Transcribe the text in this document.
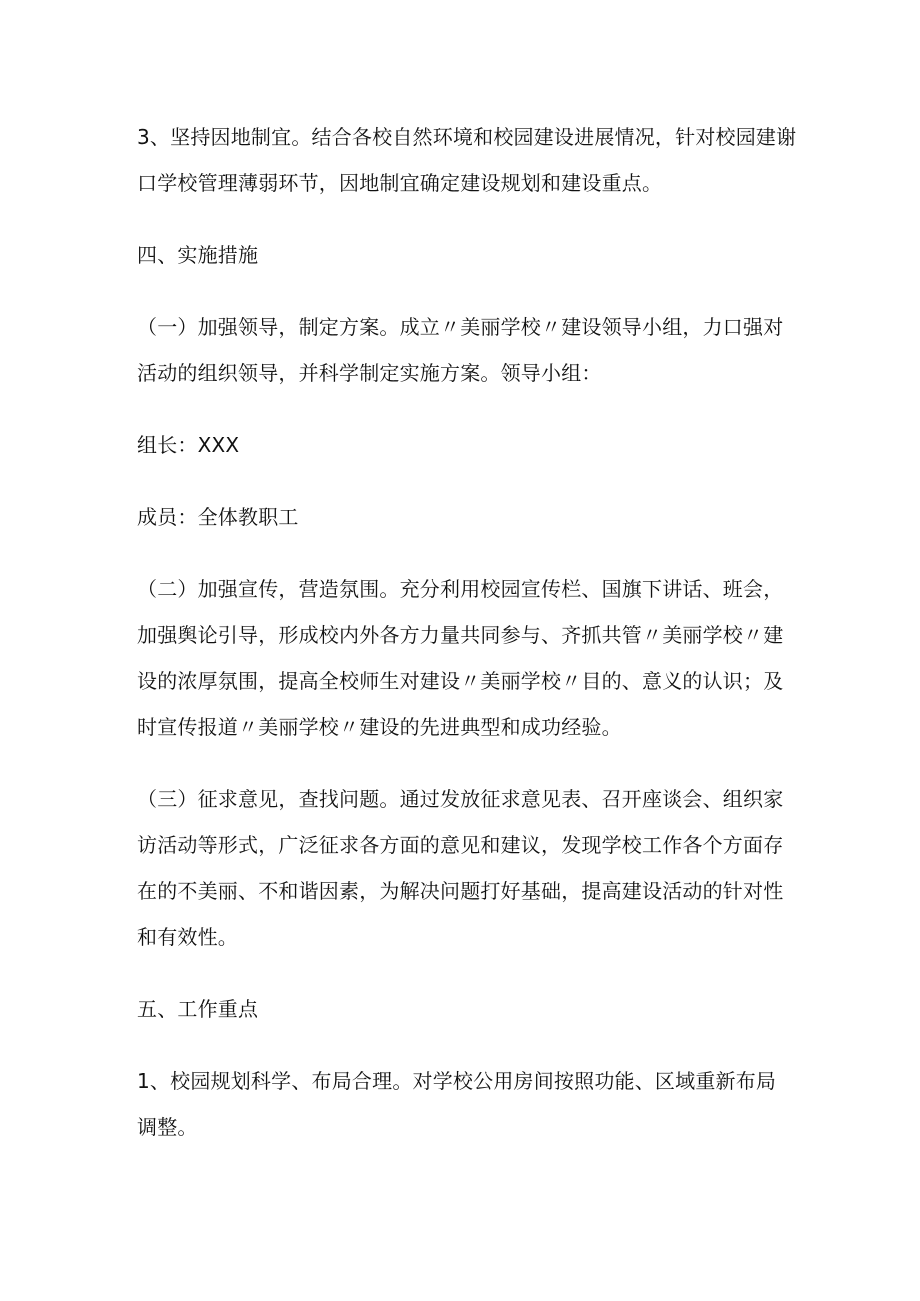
3、坚持因地制宜。结合各校自然环境和校园建设进展情况，针对校园建谢
口学校管理薄弱环节，因地制宜确定建设规划和建设重点。

四、实施措施

（一）加强领导，制定方案。成立〃美丽学校〃建设领导小组，力口强对
活动的组织领导，并科学制定实施方案。领导小组：

组长：XXX

成员：全体教职工

（二）加强宣传，营造氛围。充分利用校园宣传栏、国旗下讲话、班会，
加强舆论引导，形成校内外各方力量共同参与、齐抓共管〃美丽学校〃建
设的浓厚氛围，提高全校师生对建设〃美丽学校〃目的、意义的认识；及
时宣传报道〃美丽学校〃建设的先进典型和成功经验。

（三）征求意见，查找问题。通过发放征求意见表、召开座谈会、组织家
访活动等形式，广泛征求各方面的意见和建议，发现学校工作各个方面存
在的不美丽、不和谐因素，为解决问题打好基础，提高建设活动的针对性
和有效性。

五、工作重点

1、校园规划科学、布局合理。对学校公用房间按照功能、区域重新布局
调整。
